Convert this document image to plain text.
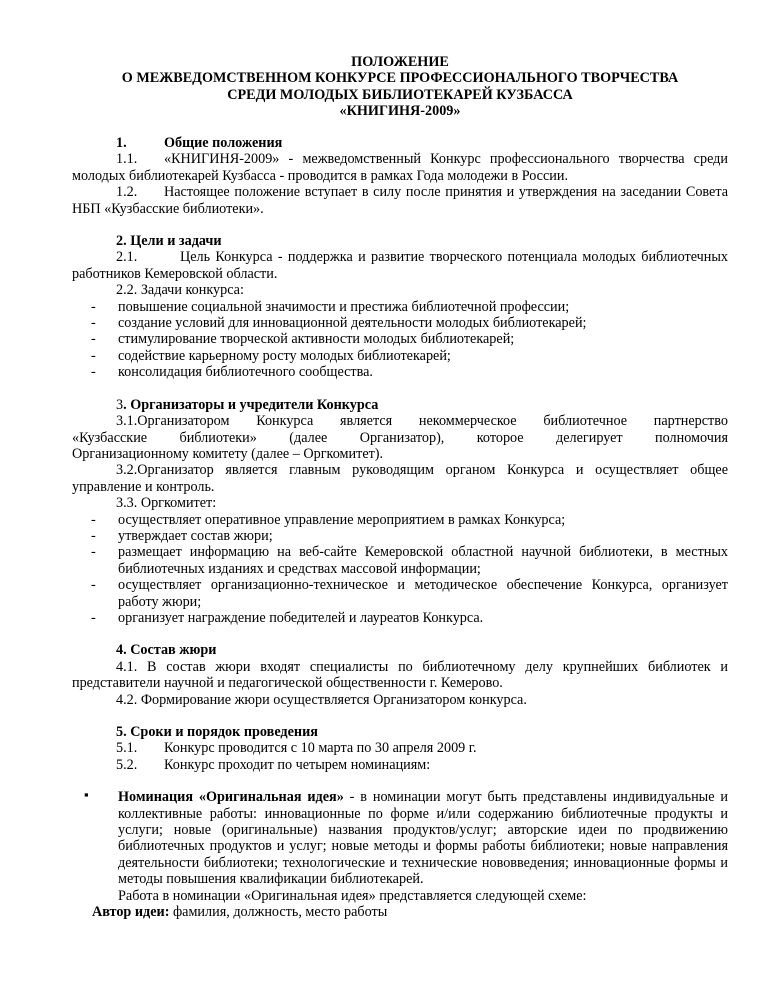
ПОЛОЖЕНИЕ
О МЕЖВЕДОМСТВЕННОМ КОНКУРСЕ ПРОФЕССИОНАЛЬНОГО ТВОРЧЕСТВА
СРЕДИ МОЛОДЫХ БИБЛИОТЕКАРЕЙ КУЗБАССА
«КНИГИНЯ-2009»
1.	Общие положения
1.1. «КНИГИНЯ-2009» - межведомственный Конкурс профессионального творчества среди молодых библиотекарей Кузбасса - проводится в рамках Года молодежи в России.
1.2. Настоящее положение вступает в силу после принятия и утверждения на заседании Совета НБП «Кузбасские библиотеки».
2. Цели и задачи
2.1.	Цель Конкурса - поддержка и развитие творческого потенциала молодых библиотечных работников Кемеровской области.
2.2. Задачи конкурса:
- повышение социальной значимости и престижа библиотечной профессии;
- создание условий для инновационной деятельности молодых библиотекарей;
- стимулирование творческой активности молодых библиотекарей;
- содействие карьерному росту молодых библиотекарей;
- консолидация библиотечного сообщества.
3. Организаторы и учредители Конкурса
3.1.Организатором Конкурса является некоммерческое библиотечное партнерство
«Кузбасские библиотеки» (далее Организатор), которое делегирует полномочия
Организационному комитету (далее – Оргкомитет).
3.2.Организатор является главным руководящим органом Конкурса и осуществляет общее управление и контроль.
3.3. Оргкомитет:
- осуществляет оперативное управление мероприятием в рамках Конкурса;
- утверждает состав жюри;
- размещает информацию на веб-сайте Кемеровской областной научной библиотеки, в местных библиотечных изданиях и средствах массовой информации;
- осуществляет организационно-техническое и методическое обеспечение Конкурса, организует работу жюри;
- организует награждение победителей и лауреатов Конкурса.
4. Состав жюри
4.1. В состав жюри входят специалисты по библиотечному делу крупнейших библиотек и представители научной и педагогической общественности г. Кемерово.
4.2. Формирование жюри осуществляется Организатором конкурса.
5. Сроки и порядок проведения
5.1. Конкурс проводится с 10 марта по 30 апреля 2009 г.
5.2. Конкурс проходит по четырем номинациям:
▪ Номинация «Оригинальная идея» - в номинации могут быть представлены индивидуальные и коллективные работы: инновационные по форме и/или содержанию библиотечные продукты и услуги; новые (оригинальные) названия продуктов/услуг; авторские идеи по продвижению библиотечных продуктов и услуг; новые методы и формы работы библиотеки; новые направления деятельности библиотеки; технологические и технические нововведения; инновационные формы и методы повышения квалификации библиотекарей.
Работа в номинации «Оригинальная идея» представляется следующей схеме:
Автор идеи: фамилия, должность, место работы
